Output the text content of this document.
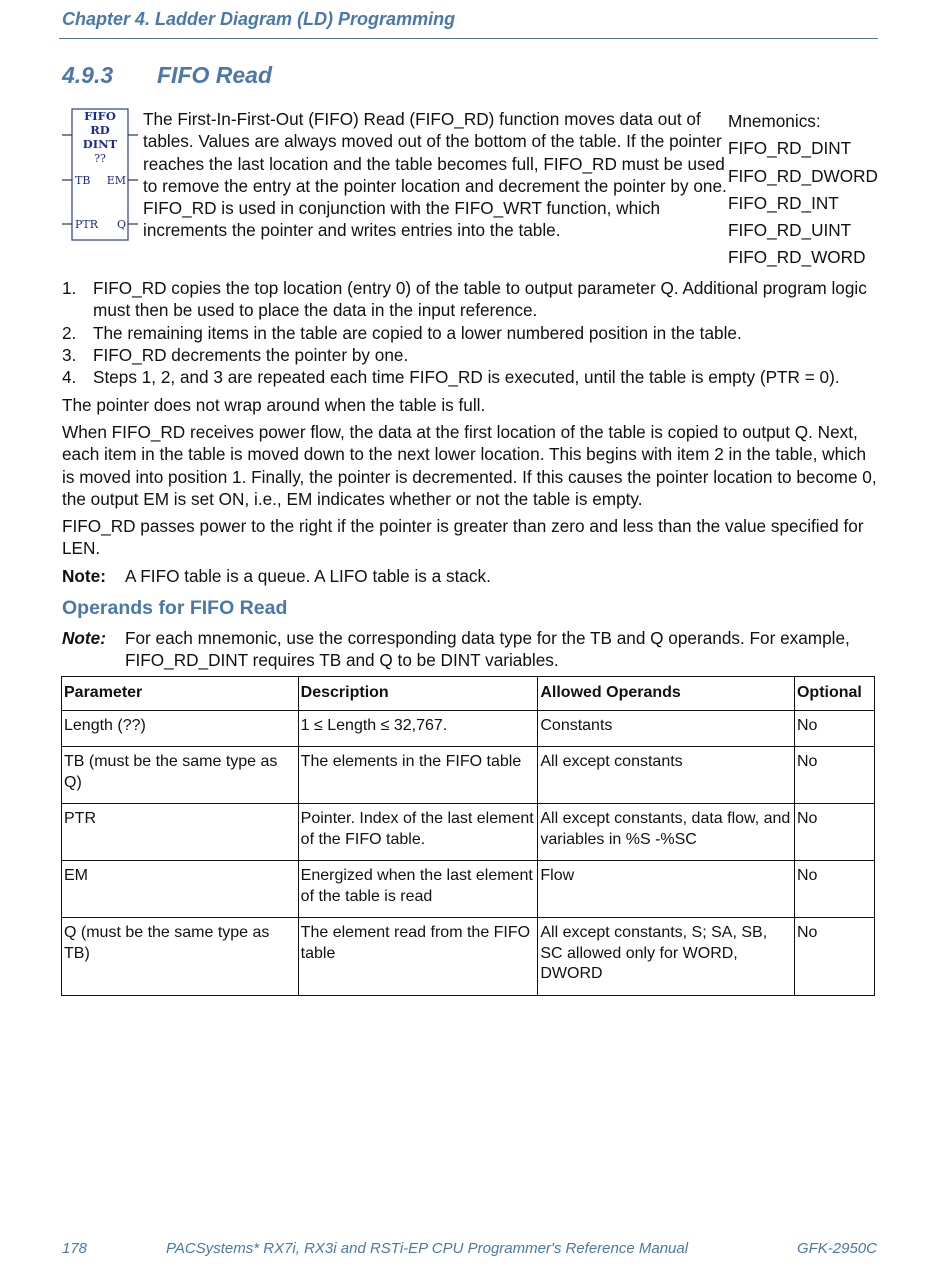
Chapter 4. Ladder Diagram (LD) Programming
4.9.3 FIFO Read
FIFO
RD
DINT
??
TB EM
PTR Q
The First-In-First-Out (FIFO) Read (FIFO_RD) function moves data out of tables. Values are always moved out of the bottom of the table. If the pointer reaches the last location and the table becomes full, FIFO_RD must be used to remove the entry at the pointer location and decrement the pointer by one. FIFO_RD is used in conjunction with the FIFO_WRT function, which increments the pointer and writes entries into the table.
Mnemonics:
FIFO_RD_DINT
FIFO_RD_DWORD
FIFO_RD_INT
FIFO_RD_UINT
FIFO_RD_WORD
1. FIFO_RD copies the top location (entry 0) of the table to output parameter Q. Additional program logic must then be used to place the data in the input reference.
2. The remaining items in the table are copied to a lower numbered position in the table.
3. FIFO_RD decrements the pointer by one.
4. Steps 1, 2, and 3 are repeated each time FIFO_RD is executed, until the table is empty (PTR = 0).

The pointer does not wrap around when the table is full.

When FIFO_RD receives power flow, the data at the first location of the table is copied to output Q. Next, each item in the table is moved down to the next lower location. This begins with item 2 in the table, which is moved into position 1. Finally, the pointer is decremented. If this causes the pointer location to become 0, the output EM is set ON, i.e., EM indicates whether or not the table is empty.

FIFO_RD passes power to the right if the pointer is greater than zero and less than the value specified for LEN.

Note: A FIFO table is a queue. A LIFO table is a stack.
Operands for FIFO Read
Note: For each mnemonic, use the corresponding data type for the TB and Q operands. For example, FIFO_RD_DINT requires TB and Q to be DINT variables.
Parameter	Description	Allowed Operands	Optional
Length (??)	1 ≤ Length ≤ 32,767.	Constants	No
TB (must be the same type as Q)	The elements in the FIFO table	All except constants	No
PTR	Pointer. Index of the last element of the FIFO table.	All except constants, data flow, and variables in %S -%SC	No
EM	Energized when the last element of the table is read	Flow	No
Q (must be the same type as TB)	The element read from the FIFO table	All except constants, S; SA, SB, SC allowed only for WORD, DWORD	No
178	PACSystems* RX7i, RX3i and RSTi-EP CPU Programmer's Reference Manual	GFK-2950C
